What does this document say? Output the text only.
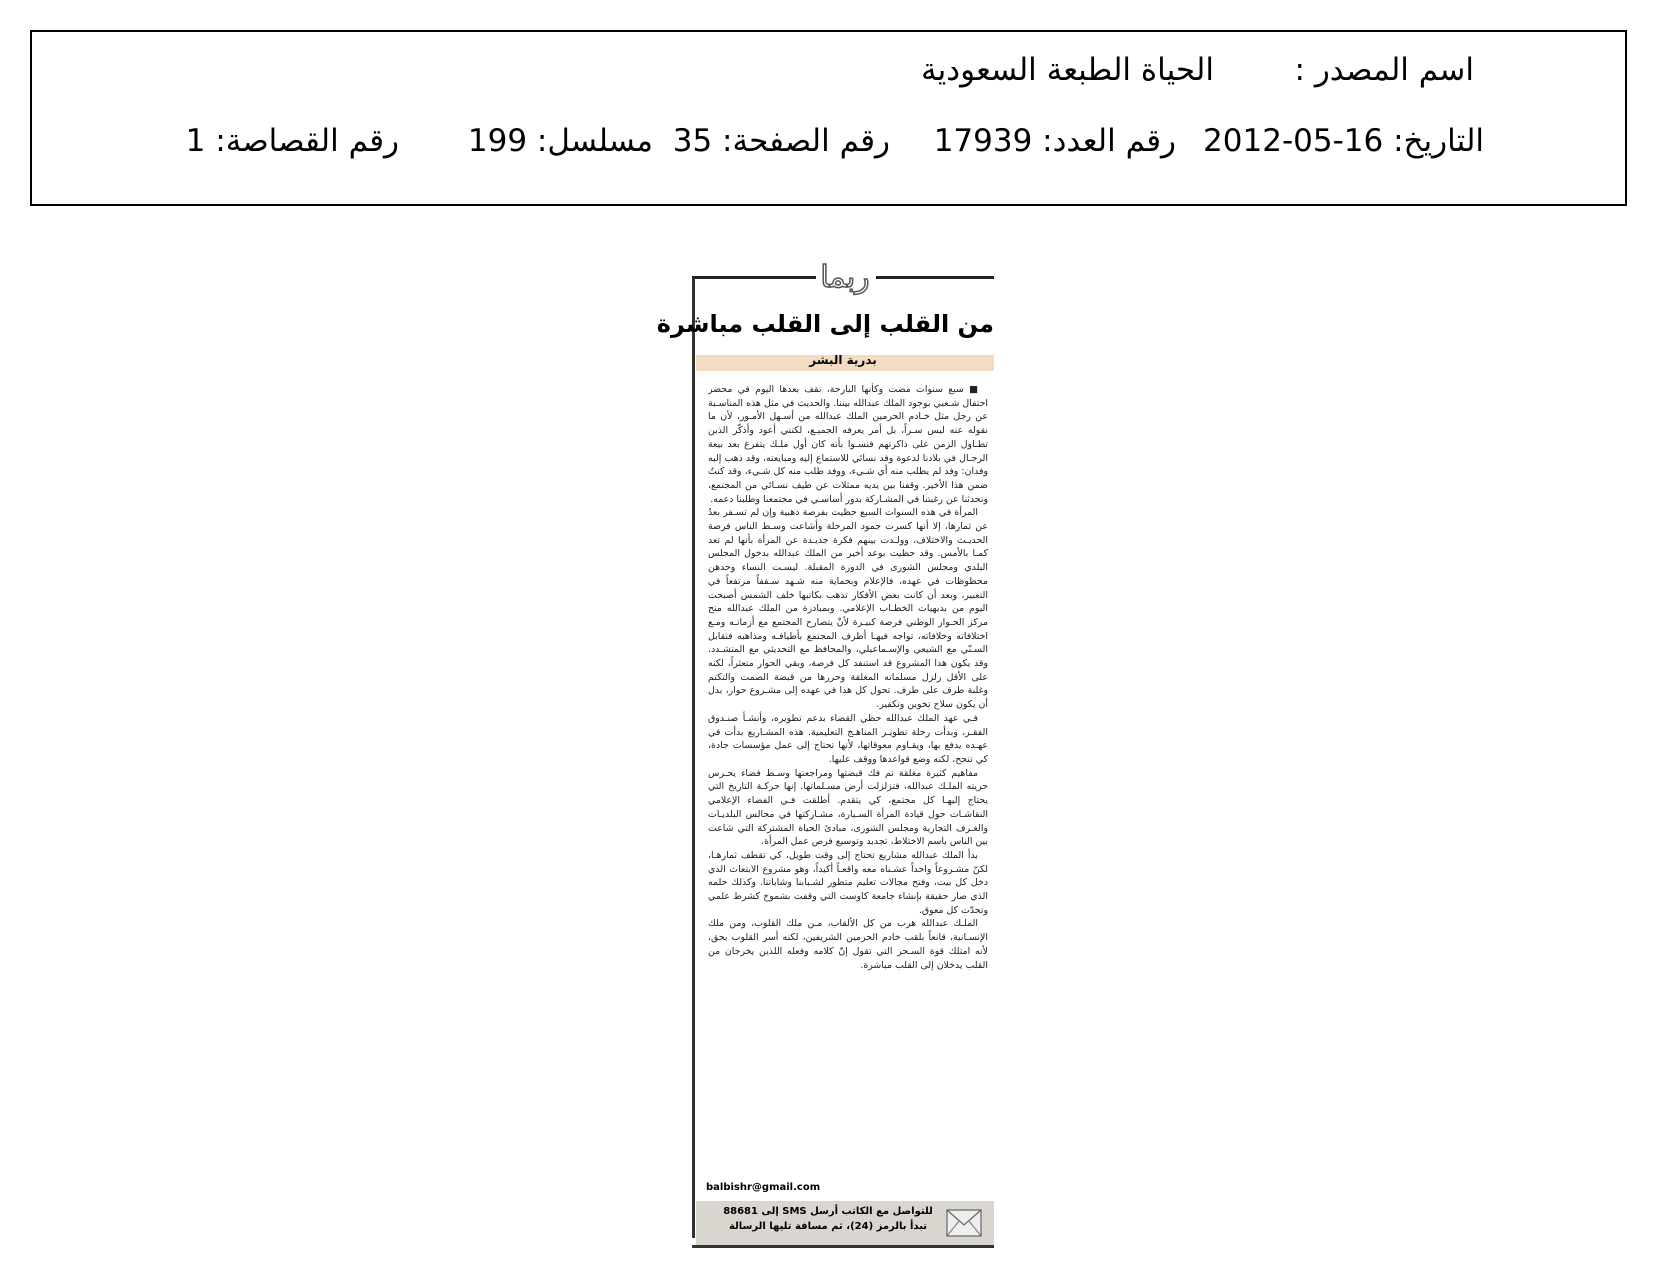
اسم المصدر :
الحياة الطبعة السعودية
التاريخ: 16-05-2012
رقم العدد: 17939
رقم الصفحة: 35
مسلسل: 199
رقم القصاصة: 1
ربما
من القلب إلى القلب مباشرة
بدرية البشر

■ سبع سنوات مضت وكأنها البارحة، نقف بعدها اليوم في محضر احتفال شـعبي بوجود الملك عبدالله بيننا. والحديث في مثل هذه المناسـبة عن رجل مثل خـادم الحرمين الملك عبدالله من أسـهل الأمـور، لأن ما نقوله عنه ليس سـراً، بل أمر يعرفه الجميـع، لكنني أعود وأذكّر الذين تطـاول الزمن على ذاكرتهم فنسـوا بأنه كان أول ملـك يتفرغ بعد بيعة الرجـال في بلادنا لدعوة وفد نسائي للاستماع إليه ومبايعته، وقد ذهب إليه وفدان: وفد لم يطلب منه أي شـيء، ووفد طلب منه كل شـيء، وقد كنتُ ضمن هذا الأخير. وقفنا بين يديه ممثلات عن طيف نسـائي من المجتمع، وتحدثنا عن رغبتنا في المشـاركة بدور أساسـي في مجتمعنا وطلبنا دعمه.

المرأة في هذه السنوات السبع حظيت بفرصة ذهبية وإن لم تسـفر بعدُ عن ثمارها، إلا أنها كسرت جمود المرحلة وأشاعت وسـط الناس فرصة الحديـث والاختلاف، وولـدت بينهم فكرة جديـدة عن المرأة بأنها لم تعد كمـا بالأمس. وقد حظيت بوعد أخير من الملك عبدالله بدخول المجلس البلدي ومجلس الشورى في الدورة المقبلة. ليسـت النساء وحدهن محظوظات في عهده، فالإعلام وبحماية منه شـهد سـقفاً مرتفعاً في التعبير، وبعد أن كانت بعض الأفكار تذهب بكاتبها خلف الشمس أصبحت اليوم من بديهيات الخطـاب الإعلامي. وبمبادرة من الملك عبدالله منح مركز الحـوار الوطني فرصة كبيـرة لأنْ يتصارح المجتمع مع أزماتـه ومـع اختلافاته وخلافاته، تواجه فيهـا أطرف المجتمع بأطيافـه ومذاهبه فتقابل السـنّي مع الشيعي والإسـماعيلي، والمحافظ مع التحديثي مع المتشـدد. وقد يكون هذا المشروع قد استنفد كل فرصة، وبقي الحوار متعثراً، لكنه على الأقل زلزل مسلماته المغلقة وحررها من قبضة الصمت والتكتم وغلبة طرف على طرف. تحول كل هذا في عهده إلى مشـروع حوار، بدل أن يكون سلاح تخوين وتكفير.

فـي عهد الملك عبدالله حظي القضاء بدعم تطويره، وأنشـأ صنـدوق الفقـر، وبدأت رحلة تطويـر المناهـج التعليمية. هذه المشـاريع بدأت في عهـده يدفع بها، ويقـاوم معوقاتها، لأنها تحتاج إلى عمل مؤسسات جادة، كي تنجح، لكنه وضع قواعدها ووقف عليها.

مفاهيم كثيرة مغلقة تم فك قبضتها ومراجعتها وسـط فضاء يحـرس حريته الملـك عبدالله، فتزلزلت أرض مسـلماتها. إنها حركـة التاريخ التي يحتاج إليهـا كل مجتمع، كي يتقدم. أطلقت فـي الفضاء الإعلامي النقاشـات حول قيادة المرأة السـيارة، مشـاركتها في مجالس البلديـات والغـرف التجارية ومجلس الشورى، مبادئ الحياة المشتركة التي شاعت بين الناس باسم الاختلاط، تجديد وتوسيع فرص عمل المرأة.

بدأ الملك عبدالله مشاريع تحتاج إلى وقت طويل، كي تقطف ثمارهـا، لكنّ مشـروعاً واحداً عشـناه معه واقعـاً أكيداً، وهو مشروع الابتعاث الذي دخل كل بيت، وفتح مجالات تعليم متطور لشـبابنا وشاباتنا. وكذلك حلمه الذي صار حقيقة بإنشاء جامعة كاوست التي وقفت بشموخ كشرط علمي وتحدّت كل معوق.

الملـك عبدالله هرب من كل الألقاب، مـن ملك القلوب، ومن ملك الإنسـانية، قانعاً بلقب خادم الحرمين الشريفين، لكنه أسر القلوب بحق، لأنه امتلك قوة السـحر التي تقول إنّ كلامه وفعله اللذين يخرجان من القلب يدخلان إلى القلب مباشرة.

balbishr@gmail.com
للتواصل مع الكاتب أرسل SMS إلى 88681
تبدأ بالرمز (24)، ثم مسافة تليها الرسالة
